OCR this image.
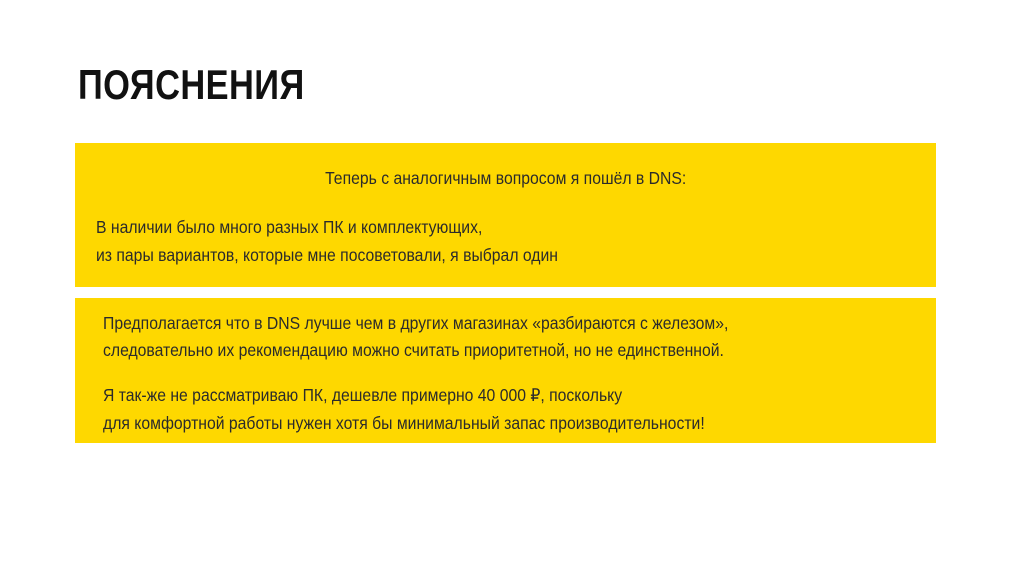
ПОЯСНЕНИЯ
Теперь с аналогичным вопросом я пошёл в DNS:
В наличии было много разных ПК и комплектующих,
из пары вариантов, которые мне посоветовали, я выбрал один
Предполагается что в DNS лучше чем в других магазинах «разбираются с железом»,
следовательно их рекомендацию можно считать приоритетной, но не единственной.
Я так-же не рассматриваю ПК, дешевле примерно 40 000 ₽, поскольку
для комфортной работы нужен хотя бы минимальный запас производительности!
